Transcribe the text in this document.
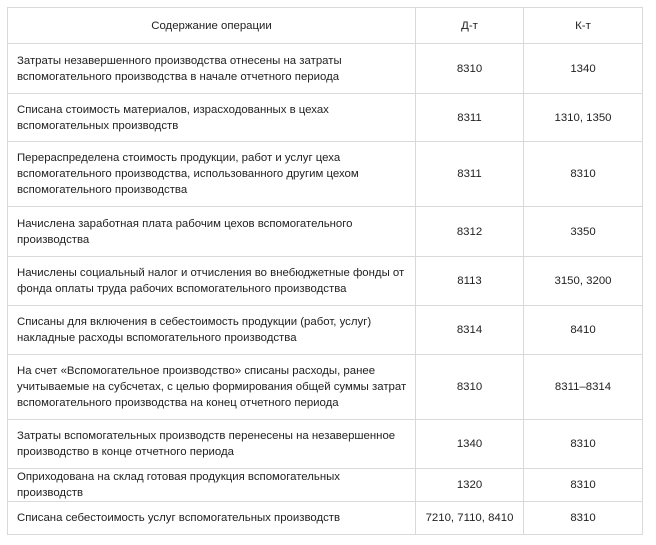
Содержание операции	Д-т	К-т
Затраты незавершенного производства отнесены на затраты вспомогательного производства в начале отчетного периода	8310	1340
Списана стоимость материалов, израсходованных в цехах вспомогательных производств	8311	1310, 1350
Перераспределена стоимость продукции, работ и услуг цеха вспомогательного производства, использованного другим цехом вспомогательного производства	8311	8310
Начислена заработная плата рабочим цехов вспомогательного производства	8312	3350
Начислены социальный налог и отчисления во внебюджетные фонды от фонда оплаты труда рабочих вспомогательного производства	8113	3150, 3200
Списаны для включения в себестоимость продукции (работ, услуг) накладные расходы вспомогательного производства	8314	8410
На счет «Вспомогательное производство» списаны расходы, ранее учитываемые на субсчетах, с целью формирования общей суммы затрат вспомогательного производства на конец отчетного периода	8310	8311–8314
Затраты вспомогательных производств перенесены на незавершенное производство в конце отчетного периода	1340	8310
Оприходована на склад готовая продукция вспомогательных производств	1320	8310
Списана себестоимость услуг вспомогательных производств	7210, 7110, 8410	8310
